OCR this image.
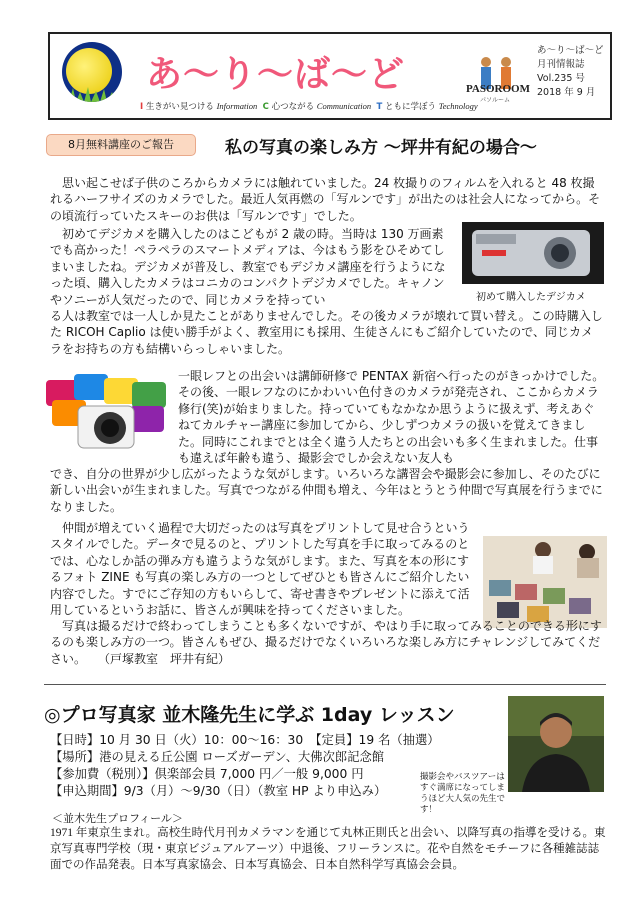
あ〜り〜ば〜ど
I 生きがい見つける Information C 心つながる Communication T ともに学ぼう Technology
PASOROOM
パソルーム
あ〜り〜ば〜ど
月刊情報誌
Vol.235 号
2018 年 9 月
8月無料講座のご報告	私の写真の楽しみ方 〜坪井有紀の場合〜

　思い起こせば子供のころからカメラには触れていました。24 枚撮りのフィルムを入れると 48 枚撮れるハーフサイズのカメラでした。最近人気再燃の「写ルンです」が出たのは社会人になってから。その頃流行っていたスキーのお供は「写ルンです」でした。

　初めてデジカメを購入したのはこどもが 2 歳の時。当時は 130 万画素でも高かった！ペラペラのスマートメディアは、今はもう影をひそめてしまいましたね。デジカメが普及し、教室でもデジカメ講座を行うようになった頃、購入したカメラはコニカのコンパクトデジカメでした。キャノンやソニーが人気だったので、同じカメラを持ってい	初めて購入したデジカメ

る人は教室では一人しか見たことがありませんでした。その後カメラが壊れて買い替え。この時購入した RICOH Caplio は使い勝手がよく、教室用にも採用、生徒さんにもご紹介していたので、同じカメラをお持ちの方も結構いらっしゃいました。

一眼レフとの出会いは講師研修で PENTAX 新宿へ行ったのがきっかけでした。その後、一眼レフなのにかわいい色付きのカメラが発売され、ここからカメラ修行(笑)が始まりました。持っていてもなかなか思うように扱えず、考えあぐねてカルチャー講座に参加してから、少しずつカメラの扱いを覚えてきました。同時にこれまでとは全く違う人たちとの出会いも多く生まれました。仕事も違えば年齢も違う、撮影会でしか会えない友人も

でき、自分の世界が少し広がったような気がします。いろいろな講習会や撮影会に参加し、そのたびに新しい出会いが生まれました。写真でつながる仲間も増え、今年はとうとう仲間で写真展を行うまでになりました。

　仲間が増えていく過程で大切だったのは写真をプリントして見せ合うというスタイルでした。データで見るのと、プリントした写真を手に取ってみるのとでは、心なしか話の弾み方も違うような気がします。また、写真を本の形にするフォト ZINE も写真の楽しみ方の一つとしてぜひとも皆さんにご紹介したい内容でした。すでにご存知の方もいらして、寄せ書きやプレゼントに添えて活用しているというお話に、皆さんが興味を持ってくださいました。

　写真は撮るだけで終わってしまうことも多くないですが、やはり手に取ってみることのできる形にするのも楽しみ方の一つ。皆さんもぜひ、撮るだけでなくいろいろな楽しみ方にチャレンジしてみてください。　　（戸塚教室　坪井有紀）

◎プロ写真家 並木隆先生に学ぶ 1day レッスン

【日時】10 月 30 日（火）10：00〜16：30　【定員】19 名（抽選）

【場所】港の見える丘公園 ローズガーデン、大佛次郎記念館

【参加費（税別）】倶楽部会員 7,000 円／一般 9,000 円

【申込期間】9/3（月）〜9/30（日）（教室 HP より申込み）

撮影会やバスツアーはすぐ満席になってしまうほど大人気の先生です！
＜並木先生プロフィール＞
1971 年東京生まれ。高校生時代月刊カメラマンを通じて丸林正則氏と出会い、以降写真の指導を受ける。東京写真専門学校（現・東京ビジュアルアーツ）中退後、フリーランスに。花や自然をモチーフに各種雑誌誌面での作品発表。日本写真家協会、日本写真協会、日本自然科学写真協会会員。
